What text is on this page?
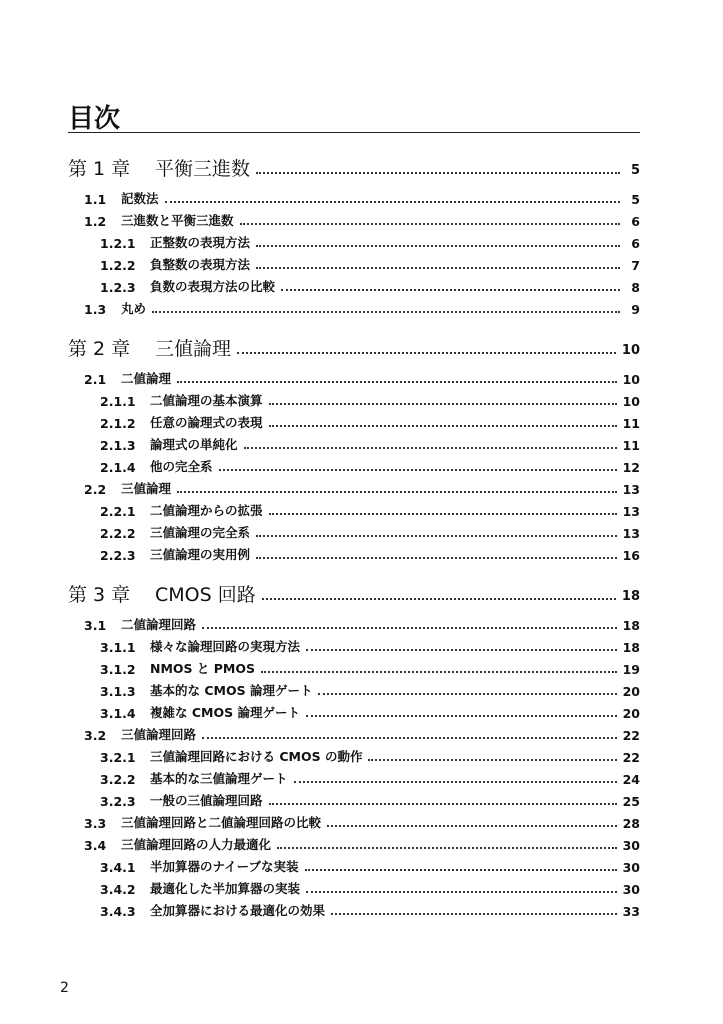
目次
第 1 章	平衡三進数	5
1.1	記数法	5
1.2	三進数と平衡三進数	6
1.2.1	正整数の表現方法	6
1.2.2	負整数の表現方法	7
1.2.3	負数の表現方法の比較	8
1.3	丸め	9
第 2 章	三値論理	10
2.1	二値論理	10
2.1.1	二値論理の基本演算	10
2.1.2	任意の論理式の表現	11
2.1.3	論理式の単純化	11
2.1.4	他の完全系	12
2.2	三値論理	13
2.2.1	二値論理からの拡張	13
2.2.2	三値論理の完全系	13
2.2.3	三値論理の実用例	16
第 3 章	CMOS 回路	18
3.1	二値論理回路	18
3.1.1	様々な論理回路の実現方法	18
3.1.2	NMOS と PMOS	19
3.1.3	基本的な CMOS 論理ゲート	20
3.1.4	複雑な CMOS 論理ゲート	20
3.2	三値論理回路	22
3.2.1	三値論理回路における CMOS の動作	22
3.2.2	基本的な三値論理ゲート	24
3.2.3	一般の三値論理回路	25
3.3	三値論理回路と二値論理回路の比較	28
3.4	三値論理回路の人力最適化	30
3.4.1	半加算器のナイーブな実装	30
3.4.2	最適化した半加算器の実装	30
3.4.3	全加算器における最適化の効果	33
2
